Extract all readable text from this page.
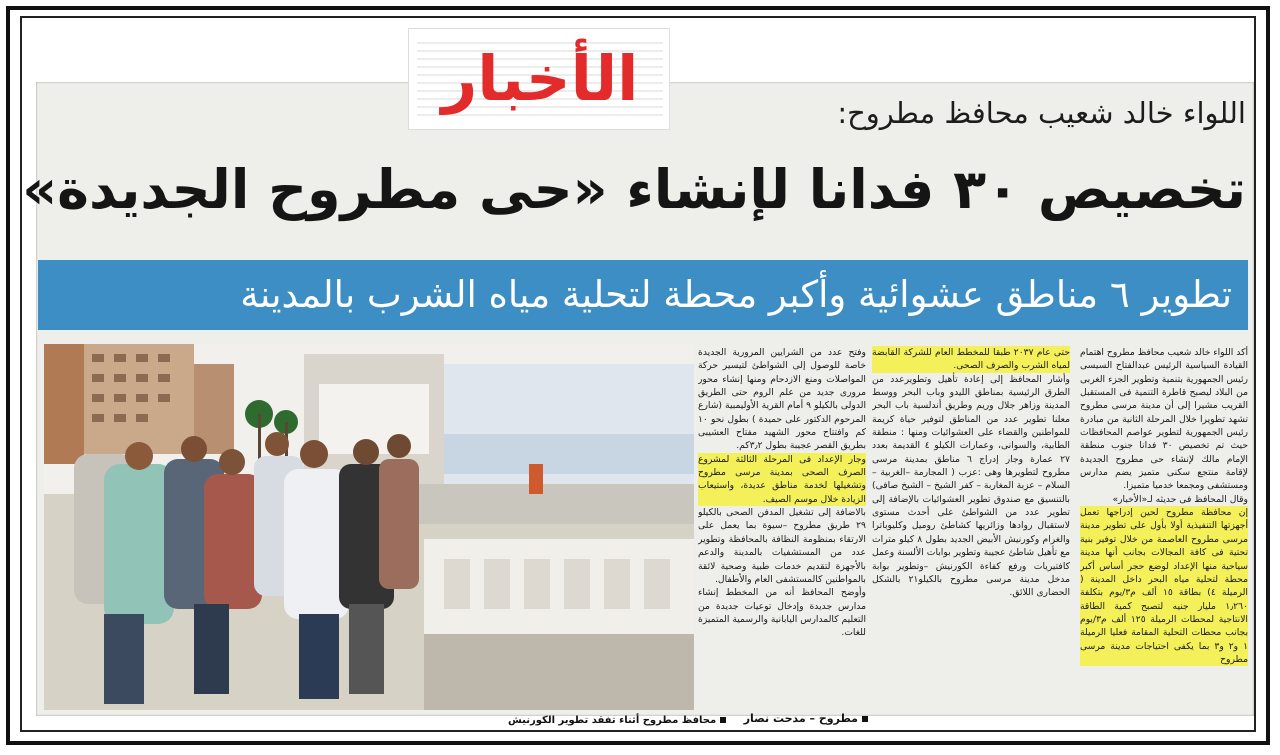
الأخبار	اللواء خالد شعيب محافظ مطروح:
تخصيص ٣٠ فدانا لإنشاء «حى مطروح الجديدة»
تطوير ٦ مناطق عشوائية وأكبر محطة لتحلية مياه الشرب بالمدينة
محافظ مطروح أثناء تفقد تطوير الكورنيش

أكد اللواء خالد شعيب محافظ مطروح اهتمام القيادة السياسية الرئيس عبدالفتاح السيسى رئيس الجمهورية بتنمية وتطوير الجزء الغربى من البلاد ليصبح قاطرة التنمية فى المستقبل القريب مشيرا إلى أن مدينة مرسى مطروح تشهد تطويرا خلال المرحلة الثانية من مبادرة رئيس الجمهورية لتطوير عواصم المحافظات حيث تم تخصيص ٣٠ فدانا جنوب منطقة الإمام مالك لإنشاء حى مطروح الجديدة لإقامة منتجع سكنى متميز يضم مدارس ومستشفى ومجمعا خدميا متميزا.

وقال المحافظ فى حديثه لـ«الأخبار»

إن محافظة مطروح لحين إدراجها تعمل أجهزتها التنفيذية أولا بأول على تطوير مدينة مرسى مطروح العاصمة من خلال توفير بنية تحتية فى كافة المجالات بجانب أنها مدينة سياحية منها الإعداد لوضع حجر أساس أكبر محطة لتحلية مياه البحر داخل المدينة ( الرميلة ٤) بطاقة ١٥ ألف م٣/يوم بتكلفة ١٫٢٦٠ مليار جنيه لتصبح كمية الطاقة الانتاجية لمحطات الرميلة ١٢٥ ألف م٣/يوم بجانب محطات التحلية المقامة فعليا الرميلة ١ و٢ و٣ بما يكفى احتياجات مدينة مرسى مطروح

حتى عام ٢٠٣٧ طبقا للمخطط العام للشركة القابضة لمياه الشرب والصرف الصحى.

وأشار المحافظ إلى إعادة تأهيل وتطويرعدد من الطرق الرئيسية بمناطق الليدو وباب البحر ووسط المدينة وزاهر جلال وريم وطريق أندلسية باب البحر معلنا تطوير عدد من المناطق لتوفير حياة كريمة للمواطنين والقضاء على العشوائيات ومنها : منطقة الطابية، والسوانى، وعمارات الكيلو ٤ القديمة بعدد ٢٧ عمارة وجار إدراج ٦ مناطق بمدينة مرسى مطروح لتطويرها وهى :عزب ( المجارمة –الغربية –السلام – عزبة المغاربة – كفر الشيخ – الشيخ صافى) بالتنسيق مع صندوق تطوير العشوائيات بالإضافة إلى تطوير عدد من الشواطئ على أحدث مستوى لاستقبال روادها وزائريها كشاطئ روميل وكليوباترا والغرام وكورنيش الأبيض الجديد بطول ٨ كيلو مترات مع تأهيل شاطئ عجيبة وتطوير بوابات الألسنة وعمل كافتيريات ورفع كفاءة الكورنيش –وتطوير بوابة مدخل مدينة مرسى مطروح بالكيلو٢١ بالشكل الحضارى اللائق.

وفتح عدد من الشرايين المرورية الجديدة خاصة للوصول إلى الشواطئ لتيسير حركة المواصلات ومنع الازدحام ومنها إنشاء محور مرورى جديد من علم الروم حتى الطريق الدولى بالكيلو ٩ أمام القرية الأوليمبية (شارع المرحوم الدكتور على حميدة ) بطول نحو ١٠ كم وافتتاح محور الشهيد مفتاح العشيبى بطريق القصر عجيبة بطول ٣٫٢كم.

وجار الإعداد فى المرحلة الثالثة لمشروع الصرف الصحى بمدينة مرسى مطروح وتشغيلها لخدمة مناطق عديدة، واستيعاب الزيادة خلال موسم الصيف.

بالاضافة إلى تشغيل المدفن الصحى بالكيلو ٢٩ طريق مطروح –سيوة بما يعمل على الارتقاء بمنظومة النظافة بالمحافظة وتطوير عدد من المستشفيات بالمدينة والدعم بالأجهزة لتقديم خدمات طبية وصحية لائقة بالمواطنين كالمستشفى العام والأطفال.

وأوضح المحافظ أنه من المخطط إنشاء مدارس جديدة وإدخال توعيات جديدة من التعليم كالمدارس اليابانية والرسمية المتميزة للغات.

مطروح – مدحت نصار
